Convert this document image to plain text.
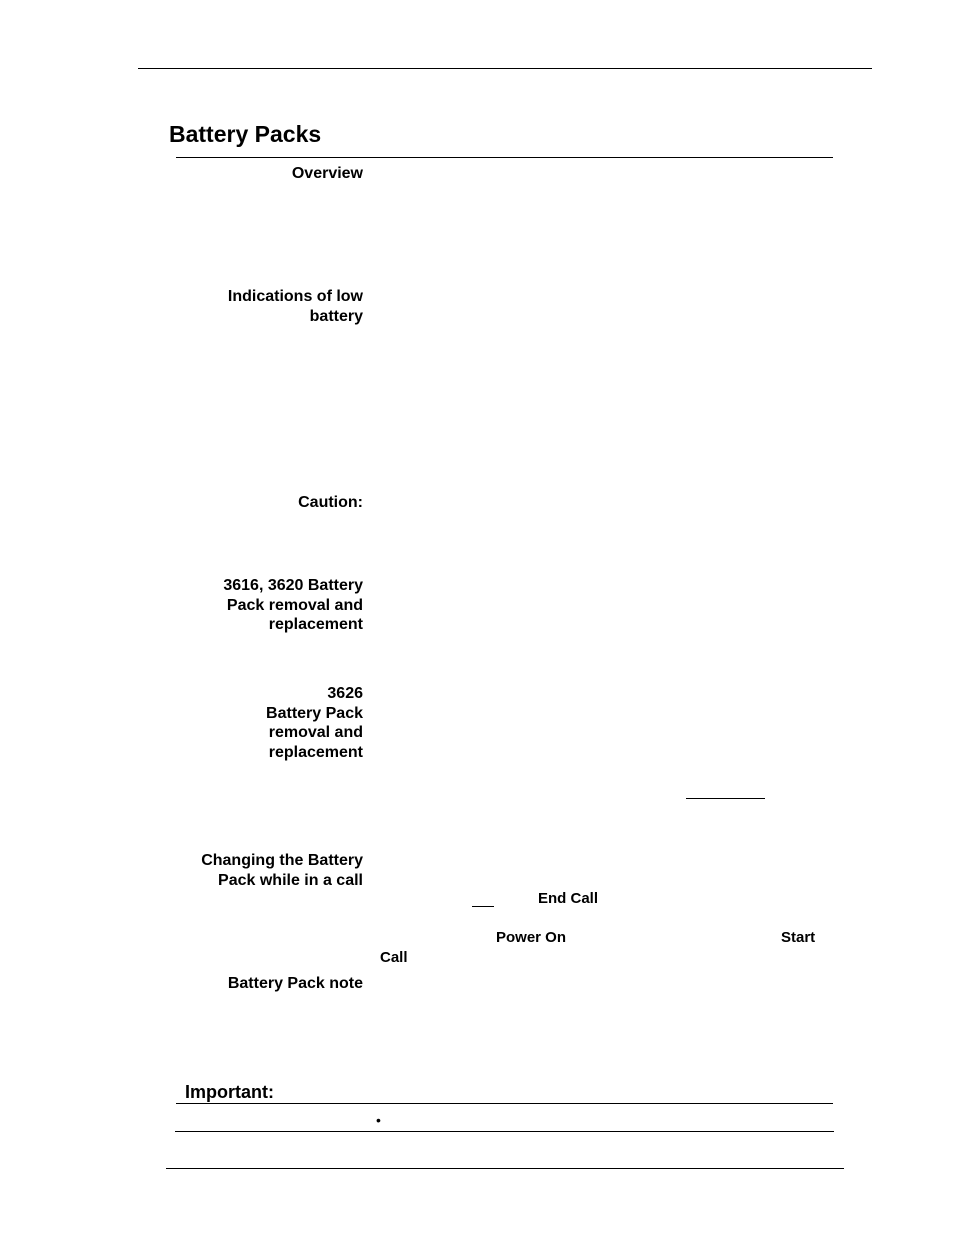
Battery Packs
Overview
Indications of low
battery
Caution:
3616, 3620 Battery
Pack removal and
replacement
3626
Battery Pack
removal and
replacement
Changing the Battery
Pack while in a call
End Call
Power On	Start
Call
Battery Pack note
Important:
•
